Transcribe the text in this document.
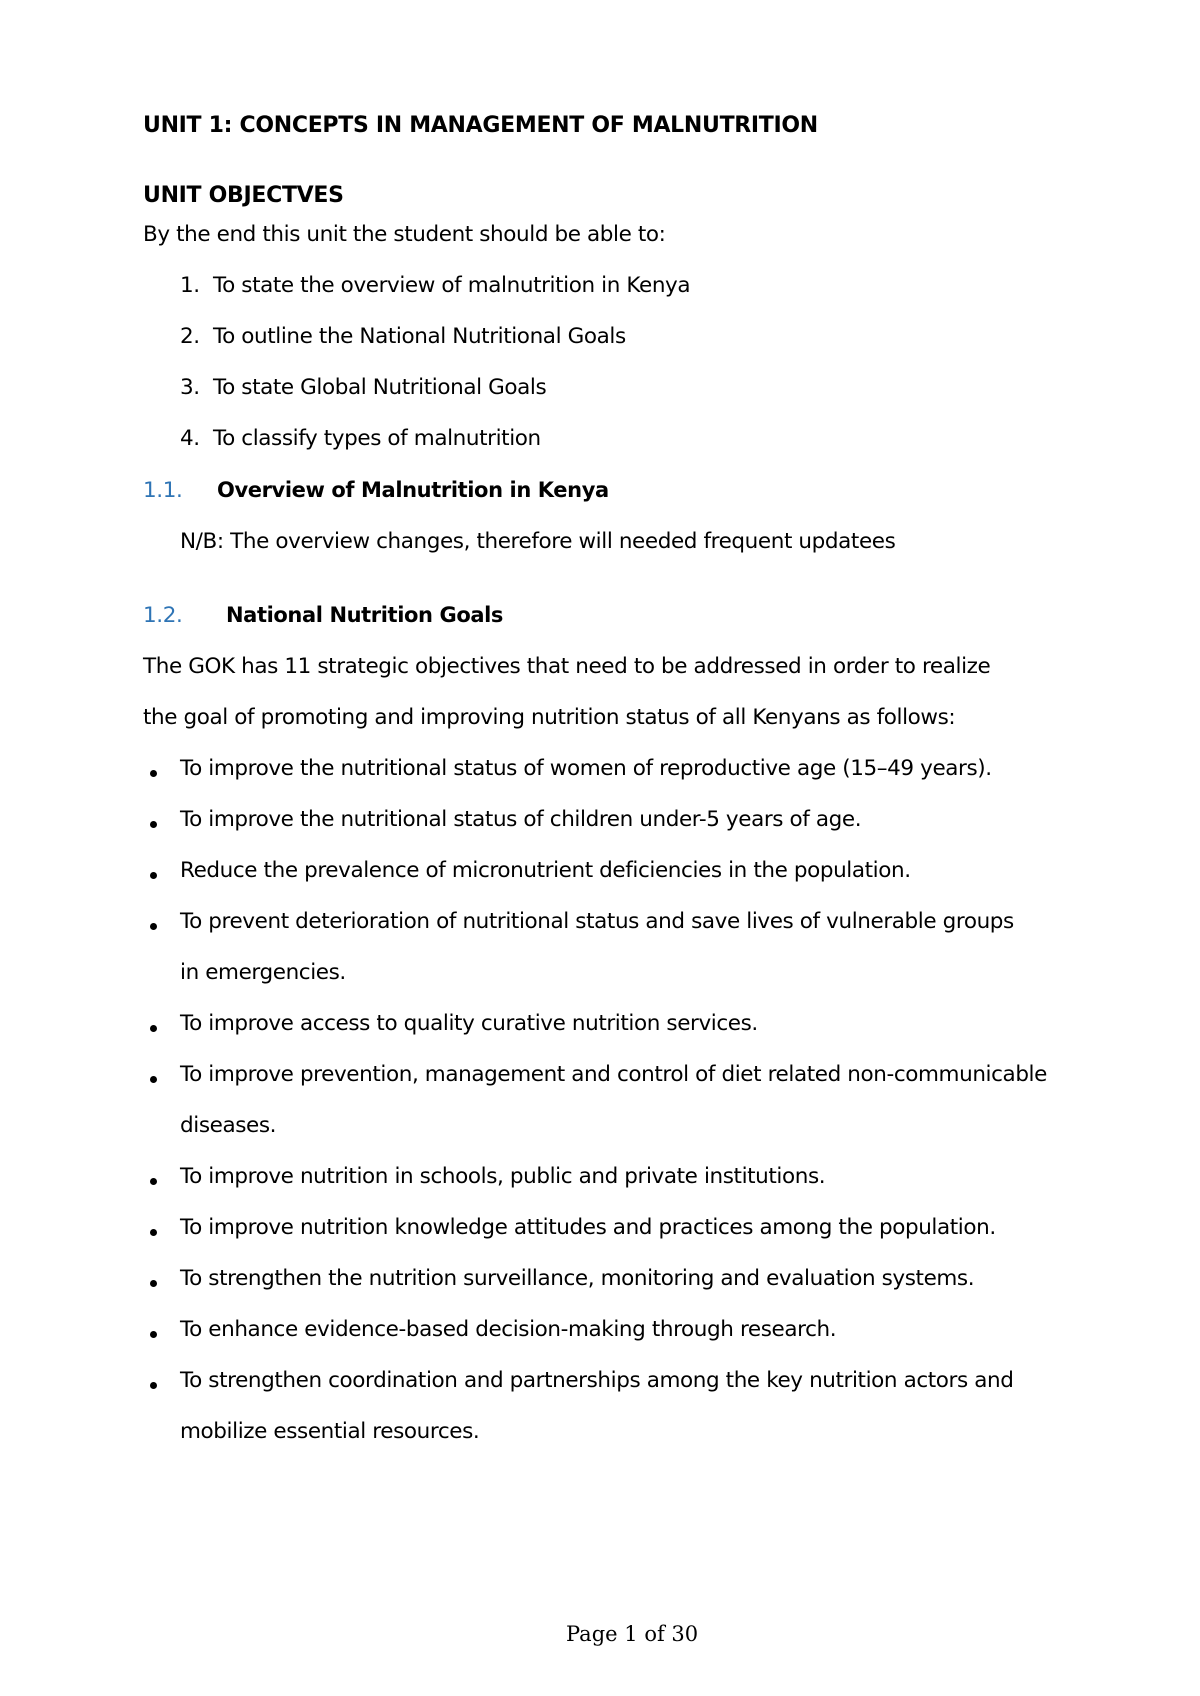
UNIT 1: CONCEPTS IN MANAGEMENT OF MALNUTRITION
UNIT OBJECTVES
By the end this unit the student should be able to:
1. To state the overview of malnutrition in Kenya
2. To outline the National Nutritional Goals
3. To state Global Nutritional Goals
4. To classify types of malnutrition
1.1. Overview of Malnutrition in Kenya
N/B: The overview changes, therefore will needed frequent updatees
1.2. National Nutrition Goals
The GOK has 11 strategic objectives that need to be addressed in order to realize
the goal of promoting and improving nutrition status of all Kenyans as follows:
To improve the nutritional status of women of reproductive age (15–49 years).
To improve the nutritional status of children under-5 years of age.
Reduce the prevalence of micronutrient deficiencies in the population.
To prevent deterioration of nutritional status and save lives of vulnerable groups
in emergencies.
To improve access to quality curative nutrition services.
To improve prevention, management and control of diet related non-communicable
diseases.
To improve nutrition in schools, public and private institutions.
To improve nutrition knowledge attitudes and practices among the population.
To strengthen the nutrition surveillance, monitoring and evaluation systems.
To enhance evidence-based decision-making through research.
To strengthen coordination and partnerships among the key nutrition actors and
mobilize essential resources.
Page 1 of 30
